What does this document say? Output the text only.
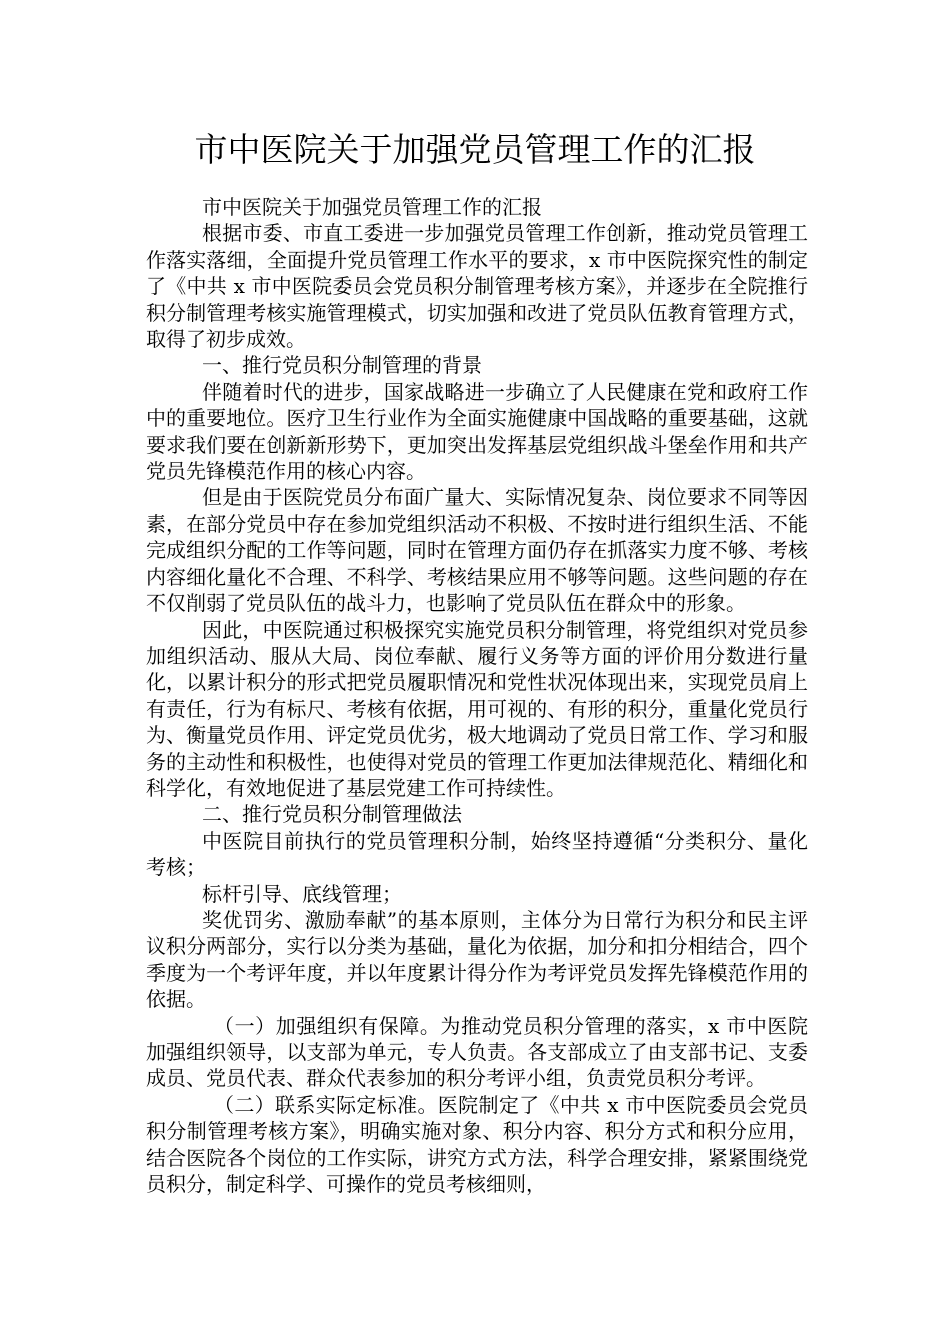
市中医院关于加强党员管理工作的汇报

市中医院关于加强党员管理工作的汇报

根据市委、市直工委进一步加强党员管理工作创新，推动党员管理工作落实落细，全面提升党员管理工作水平的要求，x 市中医院探究性的制定了《中共 x 市中医院委员会党员积分制管理考核方案》，并逐步在全院推行积分制管理考核实施管理模式，切实加强和改进了党员队伍教育管理方式，取得了初步成效。

一、推行党员积分制管理的背景

伴随着时代的进步，国家战略进一步确立了人民健康在党和政府工作中的重要地位。医疗卫生行业作为全面实施健康中国战略的重要基础，这就要求我们要在创新新形势下，更加突出发挥基层党组织战斗堡垒作用和共产党员先锋模范作用的核心内容。

但是由于医院党员分布面广量大、实际情况复杂、岗位要求不同等因素，在部分党员中存在参加党组织活动不积极、不按时进行组织生活、不能完成组织分配的工作等问题，同时在管理方面仍存在抓落实力度不够、考核内容细化量化不合理、不科学、考核结果应用不够等问题。这些问题的存在不仅削弱了党员队伍的战斗力，也影响了党员队伍在群众中的形象。

因此，中医院通过积极探究实施党员积分制管理，将党组织对党员参加组织活动、服从大局、岗位奉献、履行义务等方面的评价用分数进行量化，以累计积分的形式把党员履职情况和党性状况体现出来，实现党员肩上有责任，行为有标尺、考核有依据，用可视的、有形的积分，重量化党员行为、衡量党员作用、评定党员优劣，极大地调动了党员日常工作、学习和服务的主动性和积极性，也使得对党员的管理工作更加法律规范化、精细化和科学化，有效地促进了基层党建工作可持续性。

二、推行党员积分制管理做法

中医院目前执行的党员管理积分制，始终坚持遵循“分类积分、量化考核；

标杆引导、底线管理；

奖优罚劣、激励奉献”的基本原则，主体分为日常行为积分和民主评议积分两部分，实行以分类为基础，量化为依据，加分和扣分相结合，四个季度为一个考评年度，并以年度累计得分作为考评党员发挥先锋模范作用的依据。

（一）加强组织有保障。为推动党员积分管理的落实，x 市中医院加强组织领导，以支部为单元，专人负责。各支部成立了由支部书记、支委成员、党员代表、群众代表参加的积分考评小组，负责党员积分考评。

（二）联系实际定标准。医院制定了《中共 x 市中医院委员会党员积分制管理考核方案》，明确实施对象、积分内容、积分方式和积分应用，结合医院各个岗位的工作实际，讲究方式方法，科学合理安排，紧紧围绕党员积分，制定科学、可操作的党员考核细则，
